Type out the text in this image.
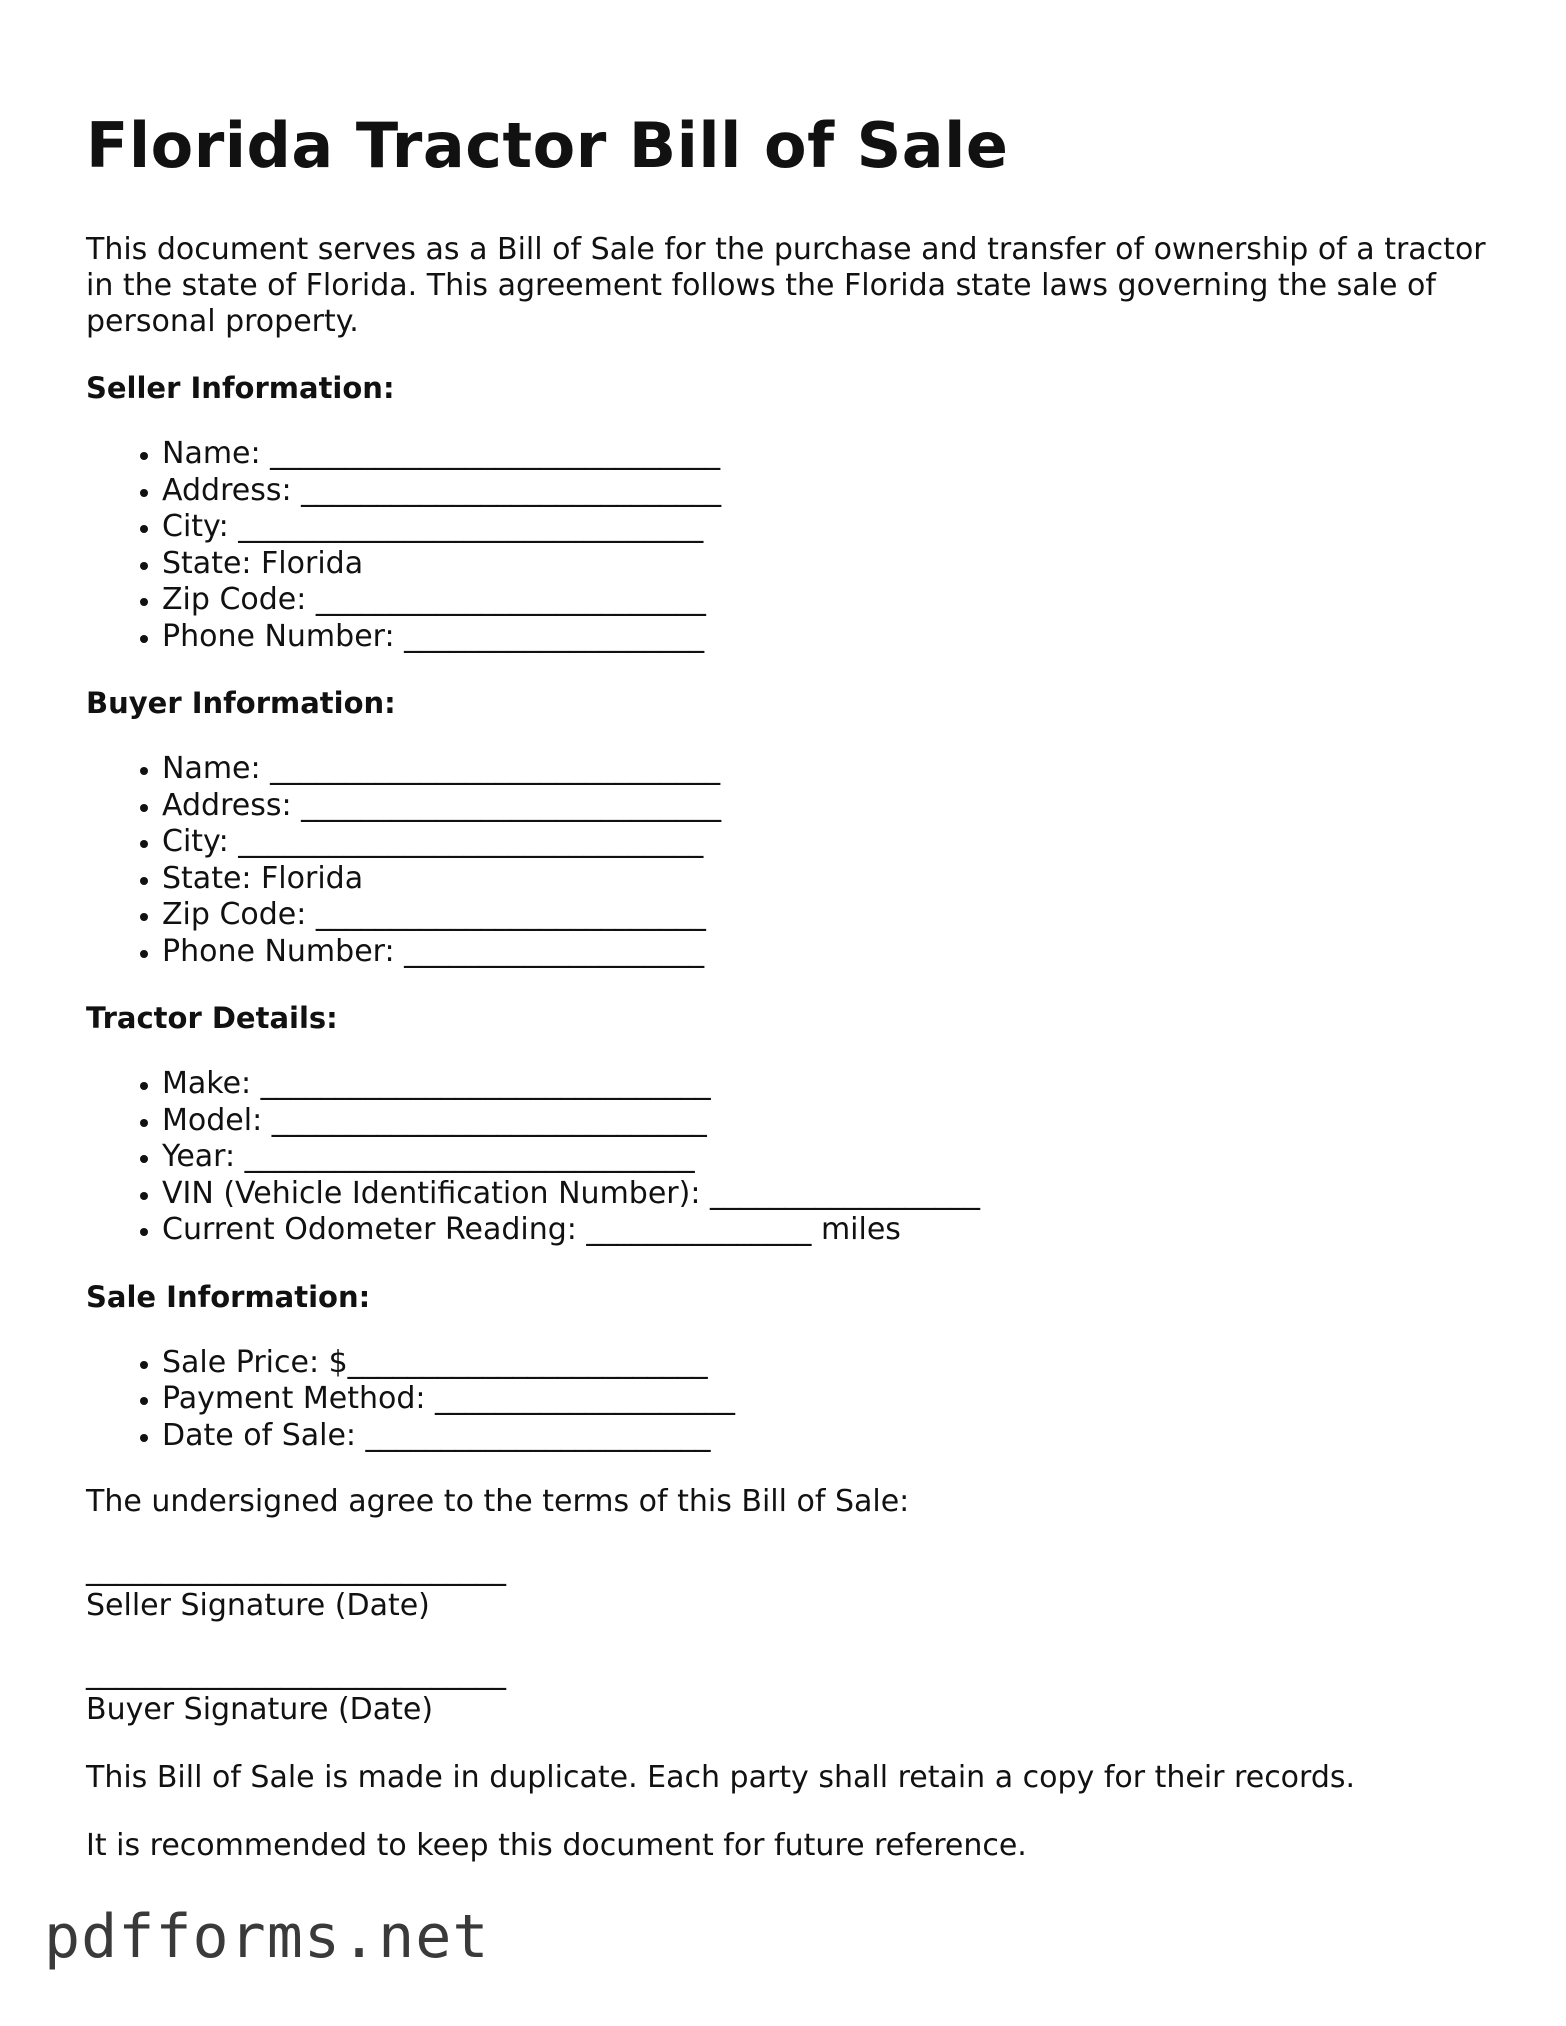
Florida Tractor Bill of Sale

This document serves as a Bill of Sale for the purchase and transfer of ownership of a tractor in the state of Florida. This agreement follows the Florida state laws governing the sale of personal property.

Seller Information:
• Name: ______________________________
• Address: ____________________________
• City: _______________________________
• State: Florida
• Zip Code: __________________________
• Phone Number: ____________________
Buyer Information:
• Name: ______________________________
• Address: ____________________________
• City: _______________________________
• State: Florida
• Zip Code: __________________________
• Phone Number: ____________________
Tractor Details:
• Make: ______________________________
• Model: _____________________________
• Year: ______________________________
• VIN (Vehicle Identification Number): __________________
• Current Odometer Reading: _______________ miles
Sale Information:
• Sale Price: $________________________
• Payment Method: ____________________
• Date of Sale: _______________________

The undersigned agree to the terms of this Bill of Sale:

____________________________

Seller Signature (Date)

____________________________

Buyer Signature (Date)

This Bill of Sale is made in duplicate. Each party shall retain a copy for their records.

It is recommended to keep this document for future reference.

pdfforms.net
